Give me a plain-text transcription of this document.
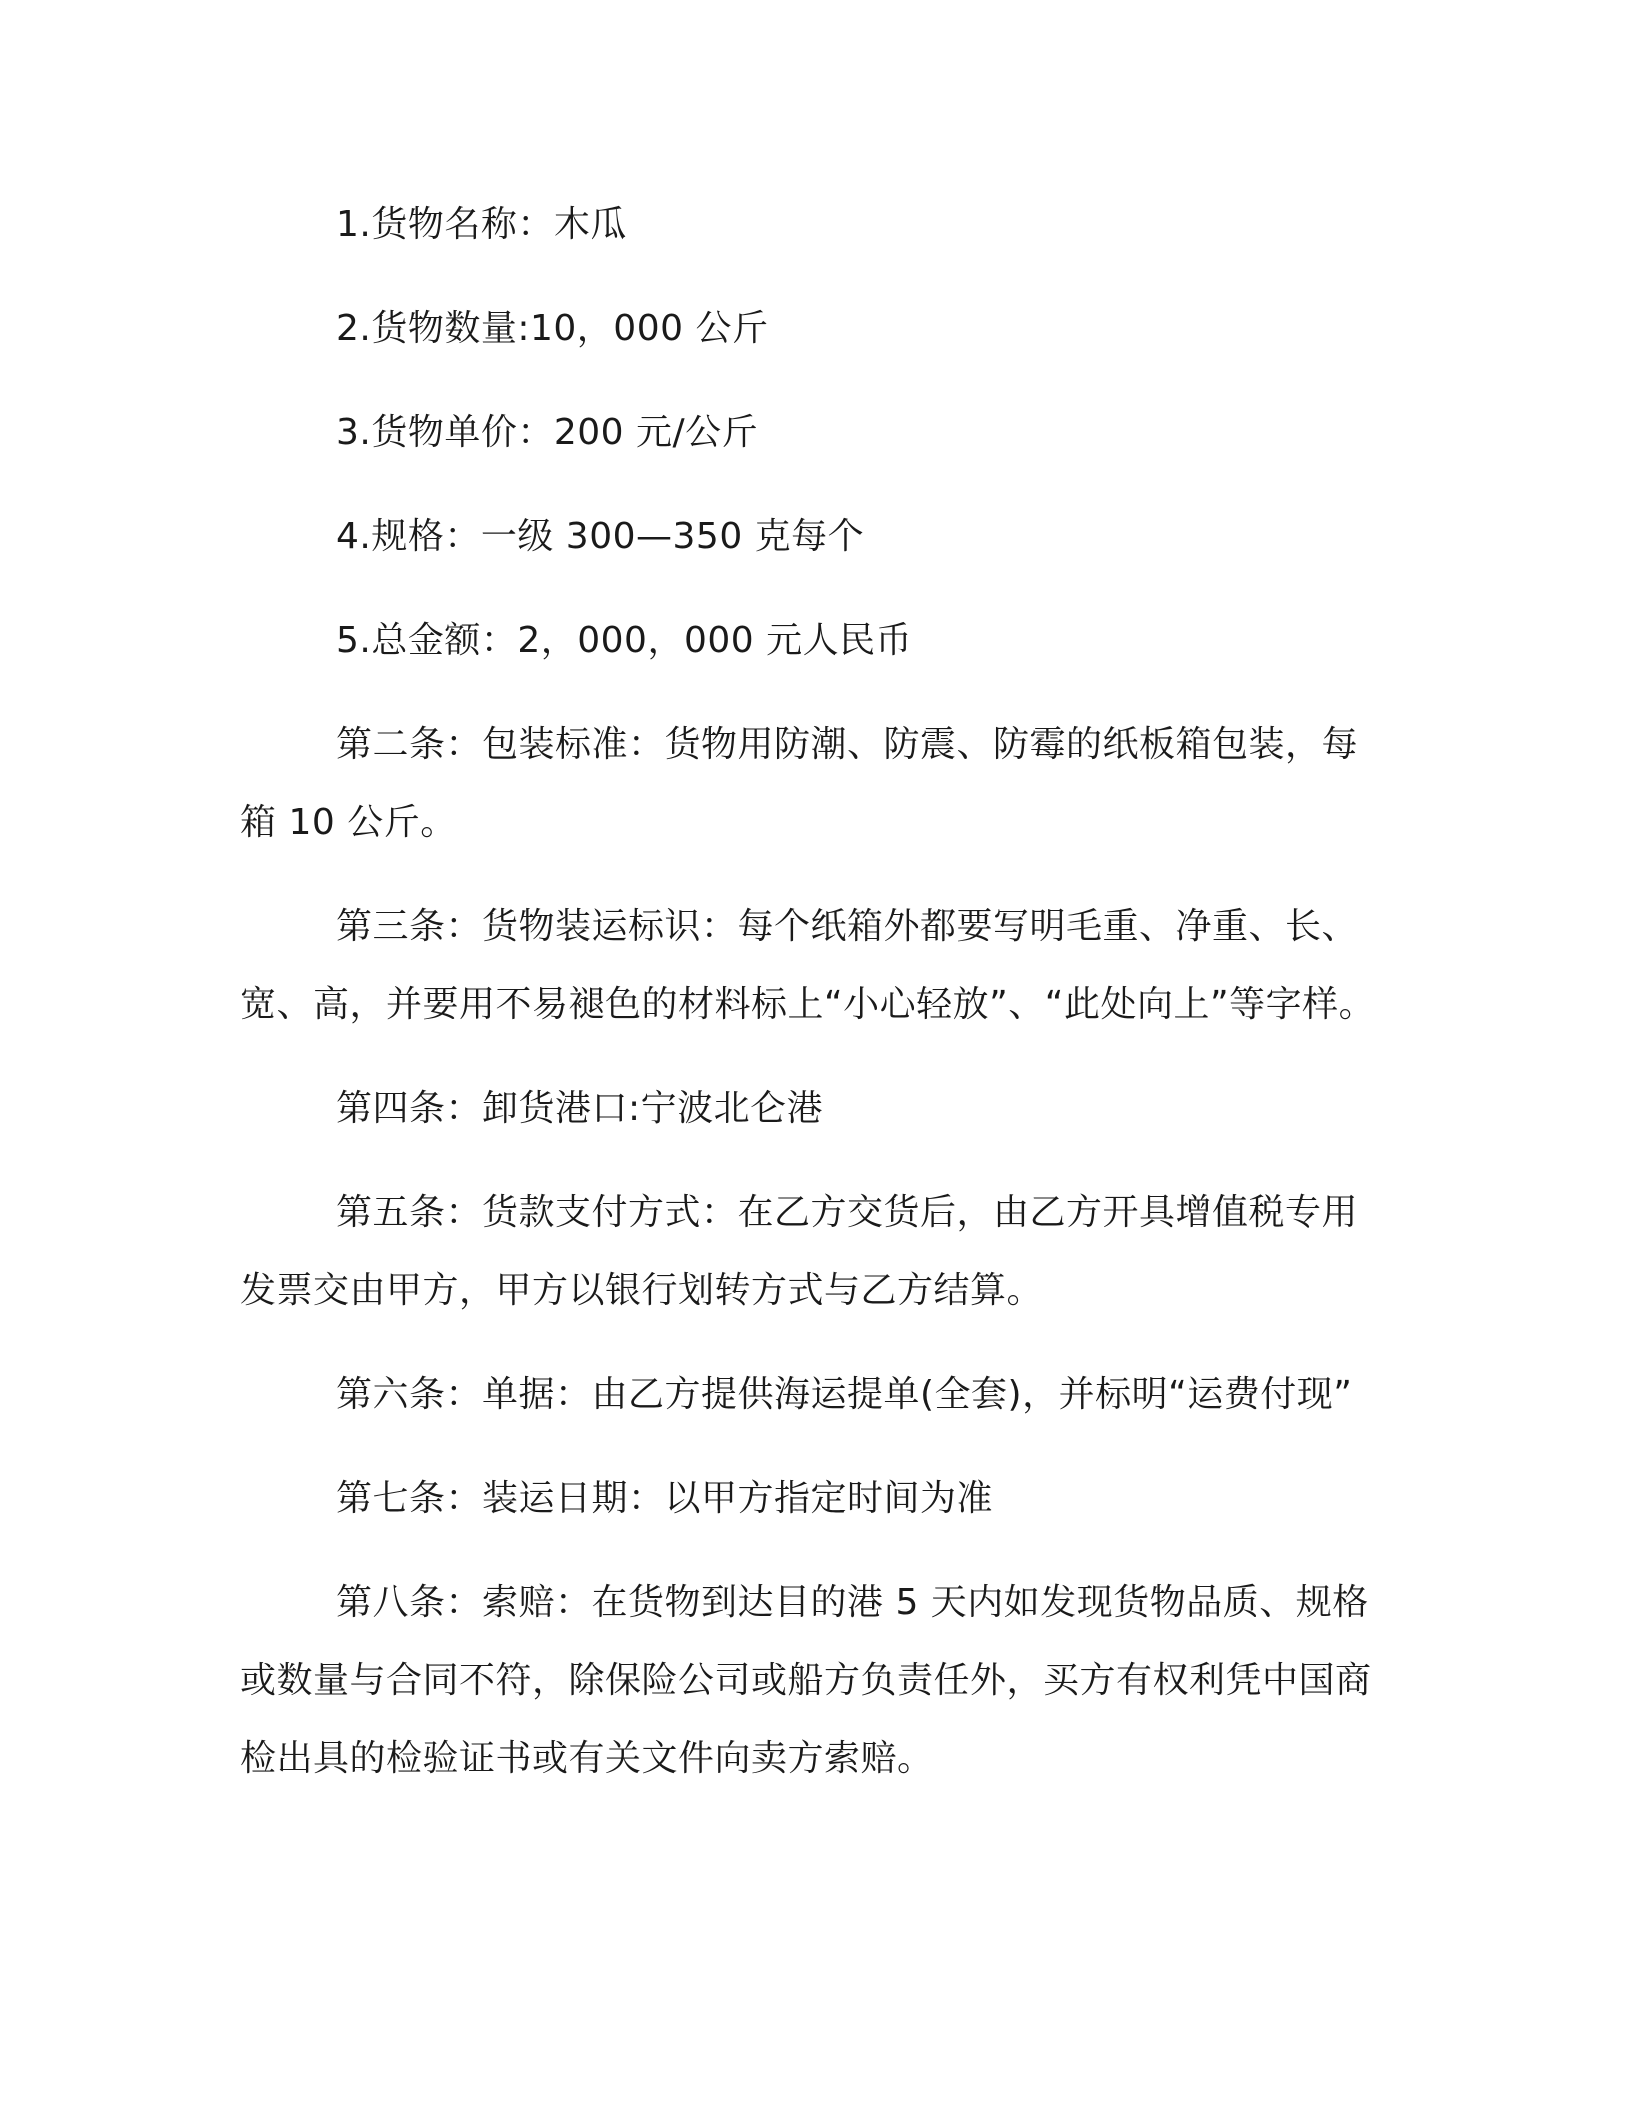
1.货物名称：木瓜

2.货物数量:10，000 公斤

3.货物单价：200 元/公斤

4.规格：一级 300—350 克每个

5.总金额：2，000，000 元人民币

第二条：包装标准：货物用防潮、防震、防霉的纸板箱包装，每箱 10 公斤。

第三条：货物装运标识：每个纸箱外都要写明毛重、净重、长、宽、高，并要用不易褪色的材料标上“小心轻放”、“此处向上”等字样。

第四条：卸货港口:宁波北仑港

第五条：货款支付方式：在乙方交货后，由乙方开具增值税专用发票交由甲方，甲方以银行划转方式与乙方结算。

第六条：单据：由乙方提供海运提单(全套)，并标明“运费付现”

第七条：装运日期：以甲方指定时间为准

第八条：索赔：在货物到达目的港 5 天内如发现货物品质、规格或数量与合同不符，除保险公司或船方负责任外，买方有权利凭中国商检出具的检验证书或有关文件向卖方索赔。
